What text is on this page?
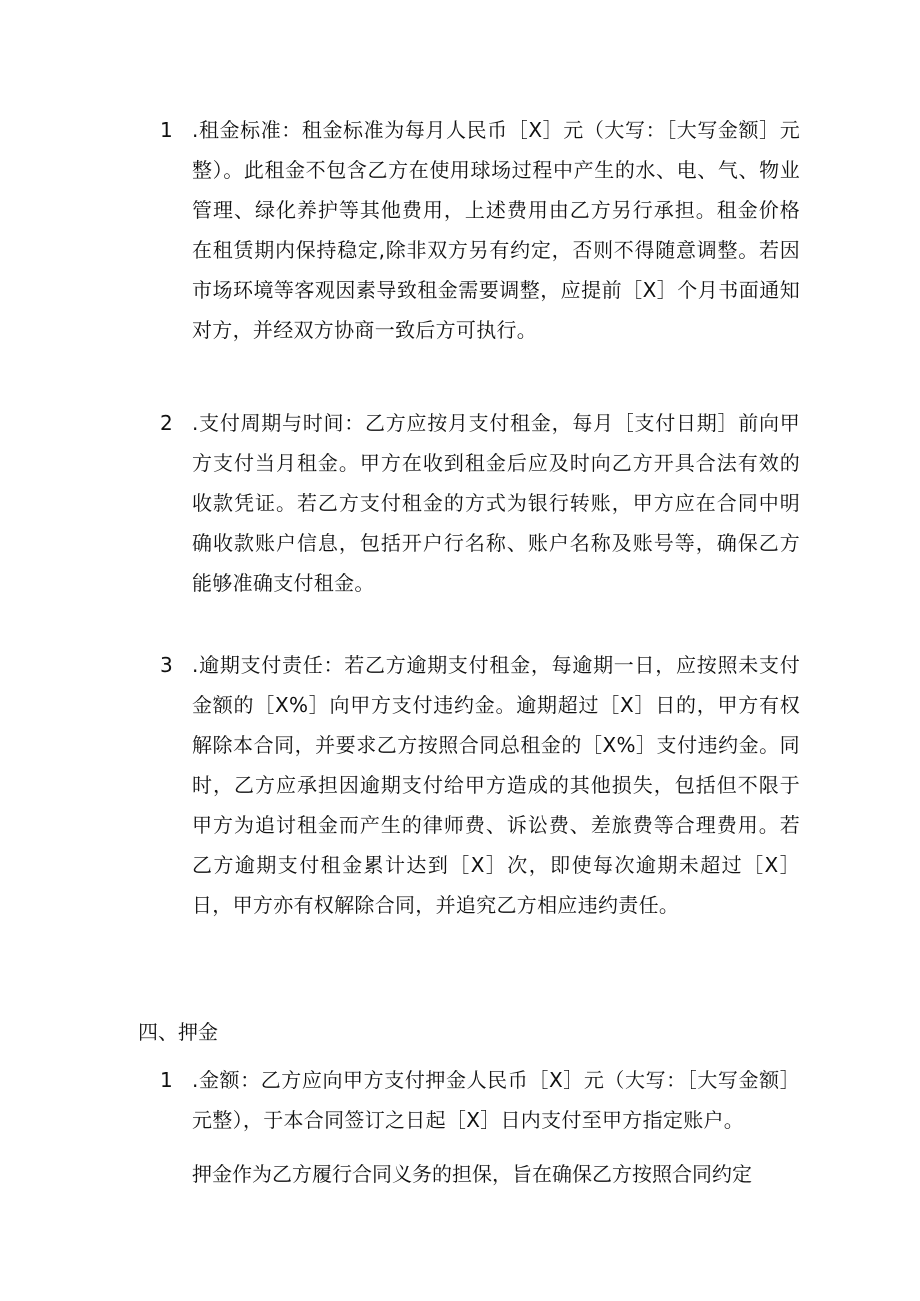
1 .租金标准：租金标准为每月人民币［X］元（大写：［大写金额］元整）。此租金不包含乙方在使用球场过程中产生的水、电、气、物业管理、绿化养护等其他费用，上述费用由乙方另行承担。租金价格在租赁期内保持稳定,除非双方另有约定，否则不得随意调整。若因市场环境等客观因素导致租金需要调整，应提前［X］个月书面通知对方，并经双方协商一致后方可执行。
2 .支付周期与时间：乙方应按月支付租金，每月［支付日期］前向甲方支付当月租金。甲方在收到租金后应及时向乙方开具合法有效的收款凭证。若乙方支付租金的方式为银行转账，甲方应在合同中明确收款账户信息，包括开户行名称、账户名称及账号等，确保乙方能够准确支付租金。
3 .逾期支付责任：若乙方逾期支付租金，每逾期一日，应按照未支付金额的［X%］向甲方支付违约金。逾期超过［X］日的，甲方有权解除本合同，并要求乙方按照合同总租金的［X%］支付违约金。同时，乙方应承担因逾期支付给甲方造成的其他损失，包括但不限于甲方为追讨租金而产生的律师费、诉讼费、差旅费等合理费用。若乙方逾期支付租金累计达到［X］次，即使每次逾期未超过［X］日，甲方亦有权解除合同，并追究乙方相应违约责任。
四、押金
1 .金额：乙方应向甲方支付押金人民币［X］元（大写：［大写金额］元整），于本合同签订之日起［X］日内支付至甲方指定账户。
押金作为乙方履行合同义务的担保，旨在确保乙方按照合同约定
